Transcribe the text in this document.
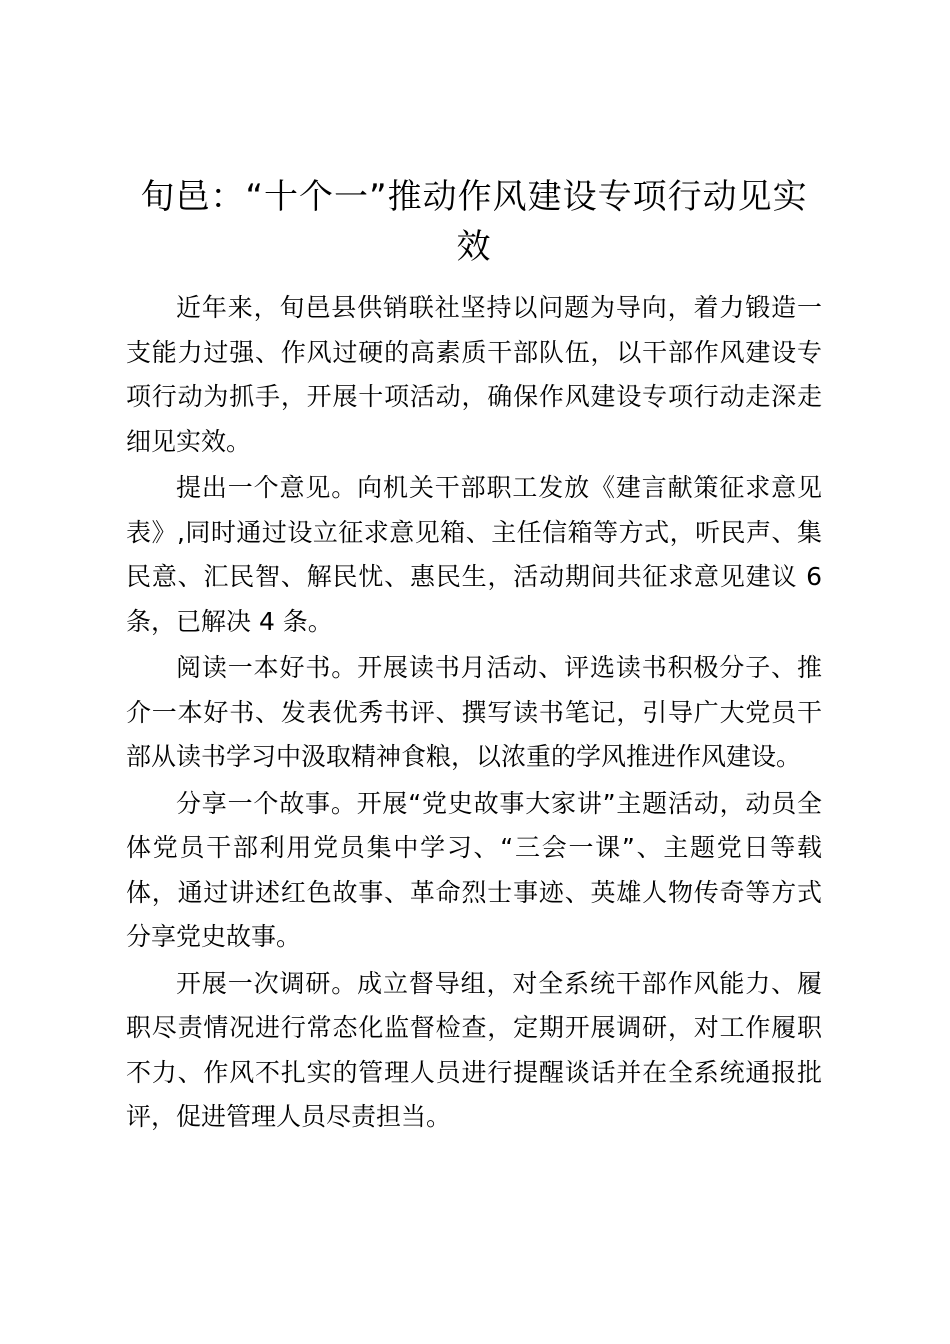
旬邑：“十个一”推动作风建设专项行动见实效

近年来，旬邑县供销联社坚持以问题为导向，着力锻造一支能力过强、作风过硬的高素质干部队伍，以干部作风建设专项行动为抓手，开展十项活动，确保作风建设专项行动走深走细见实效。

提出一个意见。向机关干部职工发放《建言献策征求意见表》,同时通过设立征求意见箱、主任信箱等方式，听民声、集民意、汇民智、解民忧、惠民生，活动期间共征求意见建议 6 条，已解决 4 条。

阅读一本好书。开展读书月活动、评选读书积极分子、推介一本好书、发表优秀书评、撰写读书笔记，引导广大党员干部从读书学习中汲取精神食粮，以浓重的学风推进作风建设。

分享一个故事。开展“党史故事大家讲”主题活动，动员全体党员干部利用党员集中学习、“三会一课”、主题党日等载体，通过讲述红色故事、革命烈士事迹、英雄人物传奇等方式分享党史故事。

开展一次调研。成立督导组，对全系统干部作风能力、履职尽责情况进行常态化监督检查，定期开展调研，对工作履职不力、作风不扎实的管理人员进行提醒谈话并在全系统通报批评，促进管理人员尽责担当。
